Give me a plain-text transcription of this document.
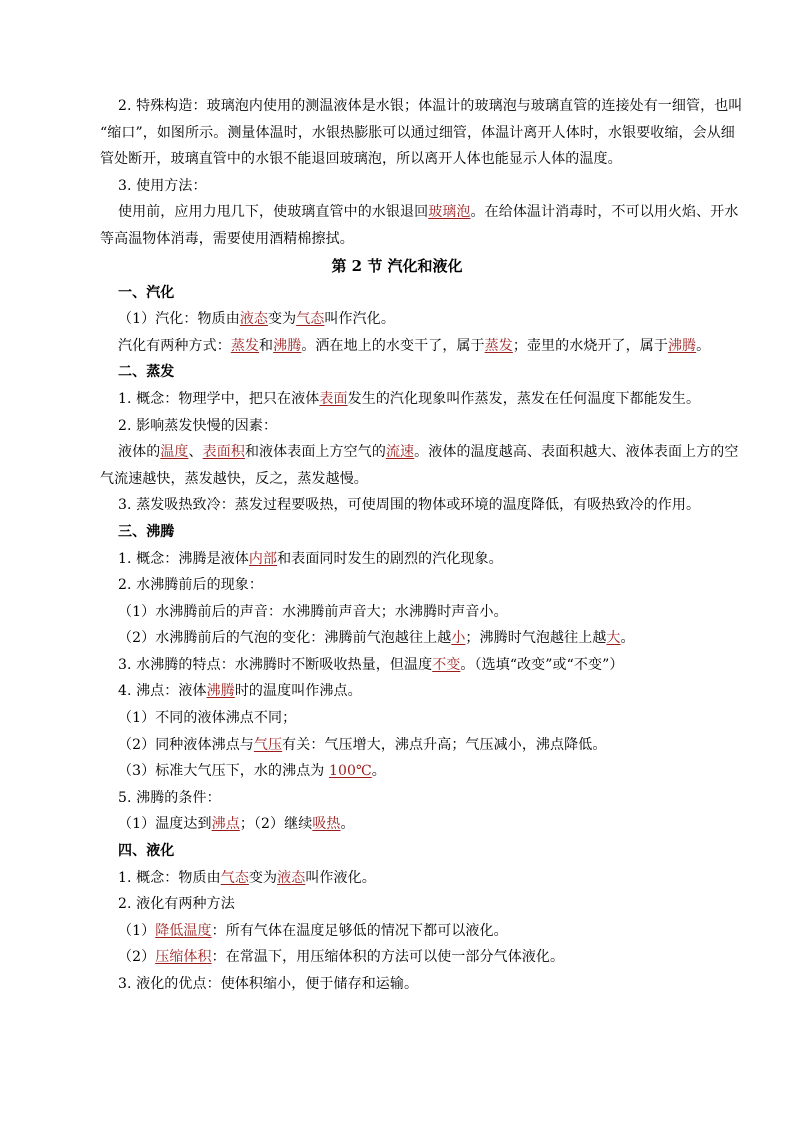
2. 特殊构造：玻璃泡内使用的测温液体是水银；体温计的玻璃泡与玻璃直管的连接处有一细管，也叫

“缩口”，如图所示。测量体温时，水银热膨胀可以通过细管，体温计离开人体时，水银要收缩，会从细

管处断开，玻璃直管中的水银不能退回玻璃泡，所以离开人体也能显示人体的温度。

3. 使用方法：

使用前，应用力甩几下，使玻璃直管中的水银退回玻璃泡。在给体温计消毒时，不可以用火焰、开水

等高温物体消毒，需要使用酒精棉擦拭。

第 2 节 汽化和液化

一、汽化

（1）汽化：物质由液态变为气态叫作汽化。

汽化有两种方式：蒸发和沸腾。洒在地上的水变干了，属于蒸发；壶里的水烧开了，属于沸腾。

二、蒸发

1. 概念：物理学中，把只在液体表面发生的汽化现象叫作蒸发，蒸发在任何温度下都能发生。

2. 影响蒸发快慢的因素：

液体的温度、表面积和液体表面上方空气的流速。液体的温度越高、表面积越大、液体表面上方的空

气流速越快，蒸发越快，反之，蒸发越慢。

3. 蒸发吸热致冷：蒸发过程要吸热，可使周围的物体或环境的温度降低，有吸热致冷的作用。

三、沸腾

1. 概念：沸腾是液体内部和表面同时发生的剧烈的汽化现象。

2. 水沸腾前后的现象：

（1）水沸腾前后的声音：水沸腾前声音大；水沸腾时声音小。

（2）水沸腾前后的气泡的变化：沸腾前气泡越往上越小；沸腾时气泡越往上越大。

3. 水沸腾的特点：水沸腾时不断吸收热量，但温度不变。（选填“改变”或“不变”）

4. 沸点：液体沸腾时的温度叫作沸点。

（1）不同的液体沸点不同；

（2）同种液体沸点与气压有关：气压增大，沸点升高；气压减小，沸点降低。

（3）标准大气压下，水的沸点为 100℃。

5. 沸腾的条件：

（1）温度达到沸点；（2）继续吸热。

四、液化

1. 概念：物质由气态变为液态叫作液化。

2. 液化有两种方法

（1）降低温度：所有气体在温度足够低的情况下都可以液化。

（2）压缩体积：在常温下，用压缩体积的方法可以使一部分气体液化。

3. 液化的优点：使体积缩小，便于储存和运输。
